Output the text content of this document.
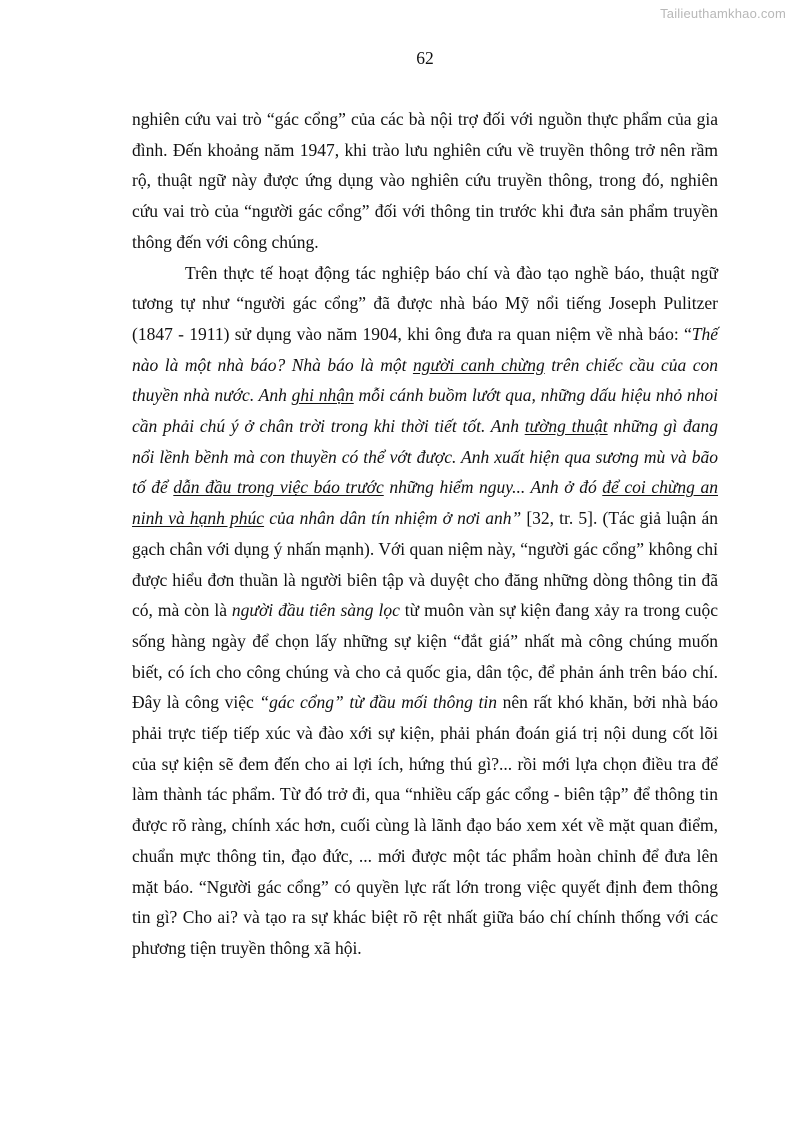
Tailieuthamkhao.com
62

nghiên cứu vai trò “gác cổng” của các bà nội trợ đối với nguồn thực phẩm của gia đình. Đến khoảng năm 1947, khi trào lưu nghiên cứu về truyền thông trở nên rầm rộ, thuật ngữ này được ứng dụng vào nghiên cứu truyền thông, trong đó, nghiên cứu vai trò của “người gác cổng” đối với thông tin trước khi đưa sản phẩm truyền thông đến với công chúng.

Trên thực tế hoạt động tác nghiệp báo chí và đào tạo nghề báo, thuật ngữ tương tự như “người gác cổng” đã được nhà báo Mỹ nổi tiếng Joseph Pulitzer (1847 - 1911) sử dụng vào năm 1904, khi ông đưa ra quan niệm về nhà báo: “Thế nào là một nhà báo? Nhà báo là một người canh chừng trên chiếc cầu của con thuyền nhà nước. Anh ghi nhận mỗi cánh buồm lướt qua, những dấu hiệu nhỏ nhoi cần phải chú ý ở chân trời trong khi thời tiết tốt. Anh tường thuật những gì đang nổi lềnh bềnh mà con thuyền có thể vớt được. Anh xuất hiện qua sương mù và bão tố để dẫn đầu trong việc báo trước những hiểm nguy... Anh ở đó để coi chừng an ninh và hạnh phúc của nhân dân tín nhiệm ở nơi anh” [32, tr. 5]. (Tác giả luận án gạch chân với dụng ý nhấn mạnh). Với quan niệm này, “người gác cổng” không chỉ được hiểu đơn thuần là người biên tập và duyệt cho đăng những dòng thông tin đã có, mà còn là người đầu tiên sàng lọc từ muôn vàn sự kiện đang xảy ra trong cuộc sống hàng ngày để chọn lấy những sự kiện “đắt giá” nhất mà công chúng muốn biết, có ích cho công chúng và cho cả quốc gia, dân tộc, để phản ánh trên báo chí. Đây là công việc “gác cổng” từ đầu mối thông tin nên rất khó khăn, bởi nhà báo phải trực tiếp tiếp xúc và đào xới sự kiện, phải phán đoán giá trị nội dung cốt lõi của sự kiện sẽ đem đến cho ai lợi ích, hứng thú gì?... rồi mới lựa chọn điều tra để làm thành tác phẩm. Từ đó trở đi, qua “nhiều cấp gác cổng - biên tập” để thông tin được rõ ràng, chính xác hơn, cuối cùng là lãnh đạo báo xem xét về mặt quan điểm, chuẩn mực thông tin, đạo đức, ... mới được một tác phẩm hoàn chỉnh để đưa lên mặt báo. “Người gác cổng” có quyền lực rất lớn trong việc quyết định đem thông tin gì? Cho ai? và tạo ra sự khác biệt rõ rệt nhất giữa báo chí chính thống với các phương tiện truyền thông xã hội.
